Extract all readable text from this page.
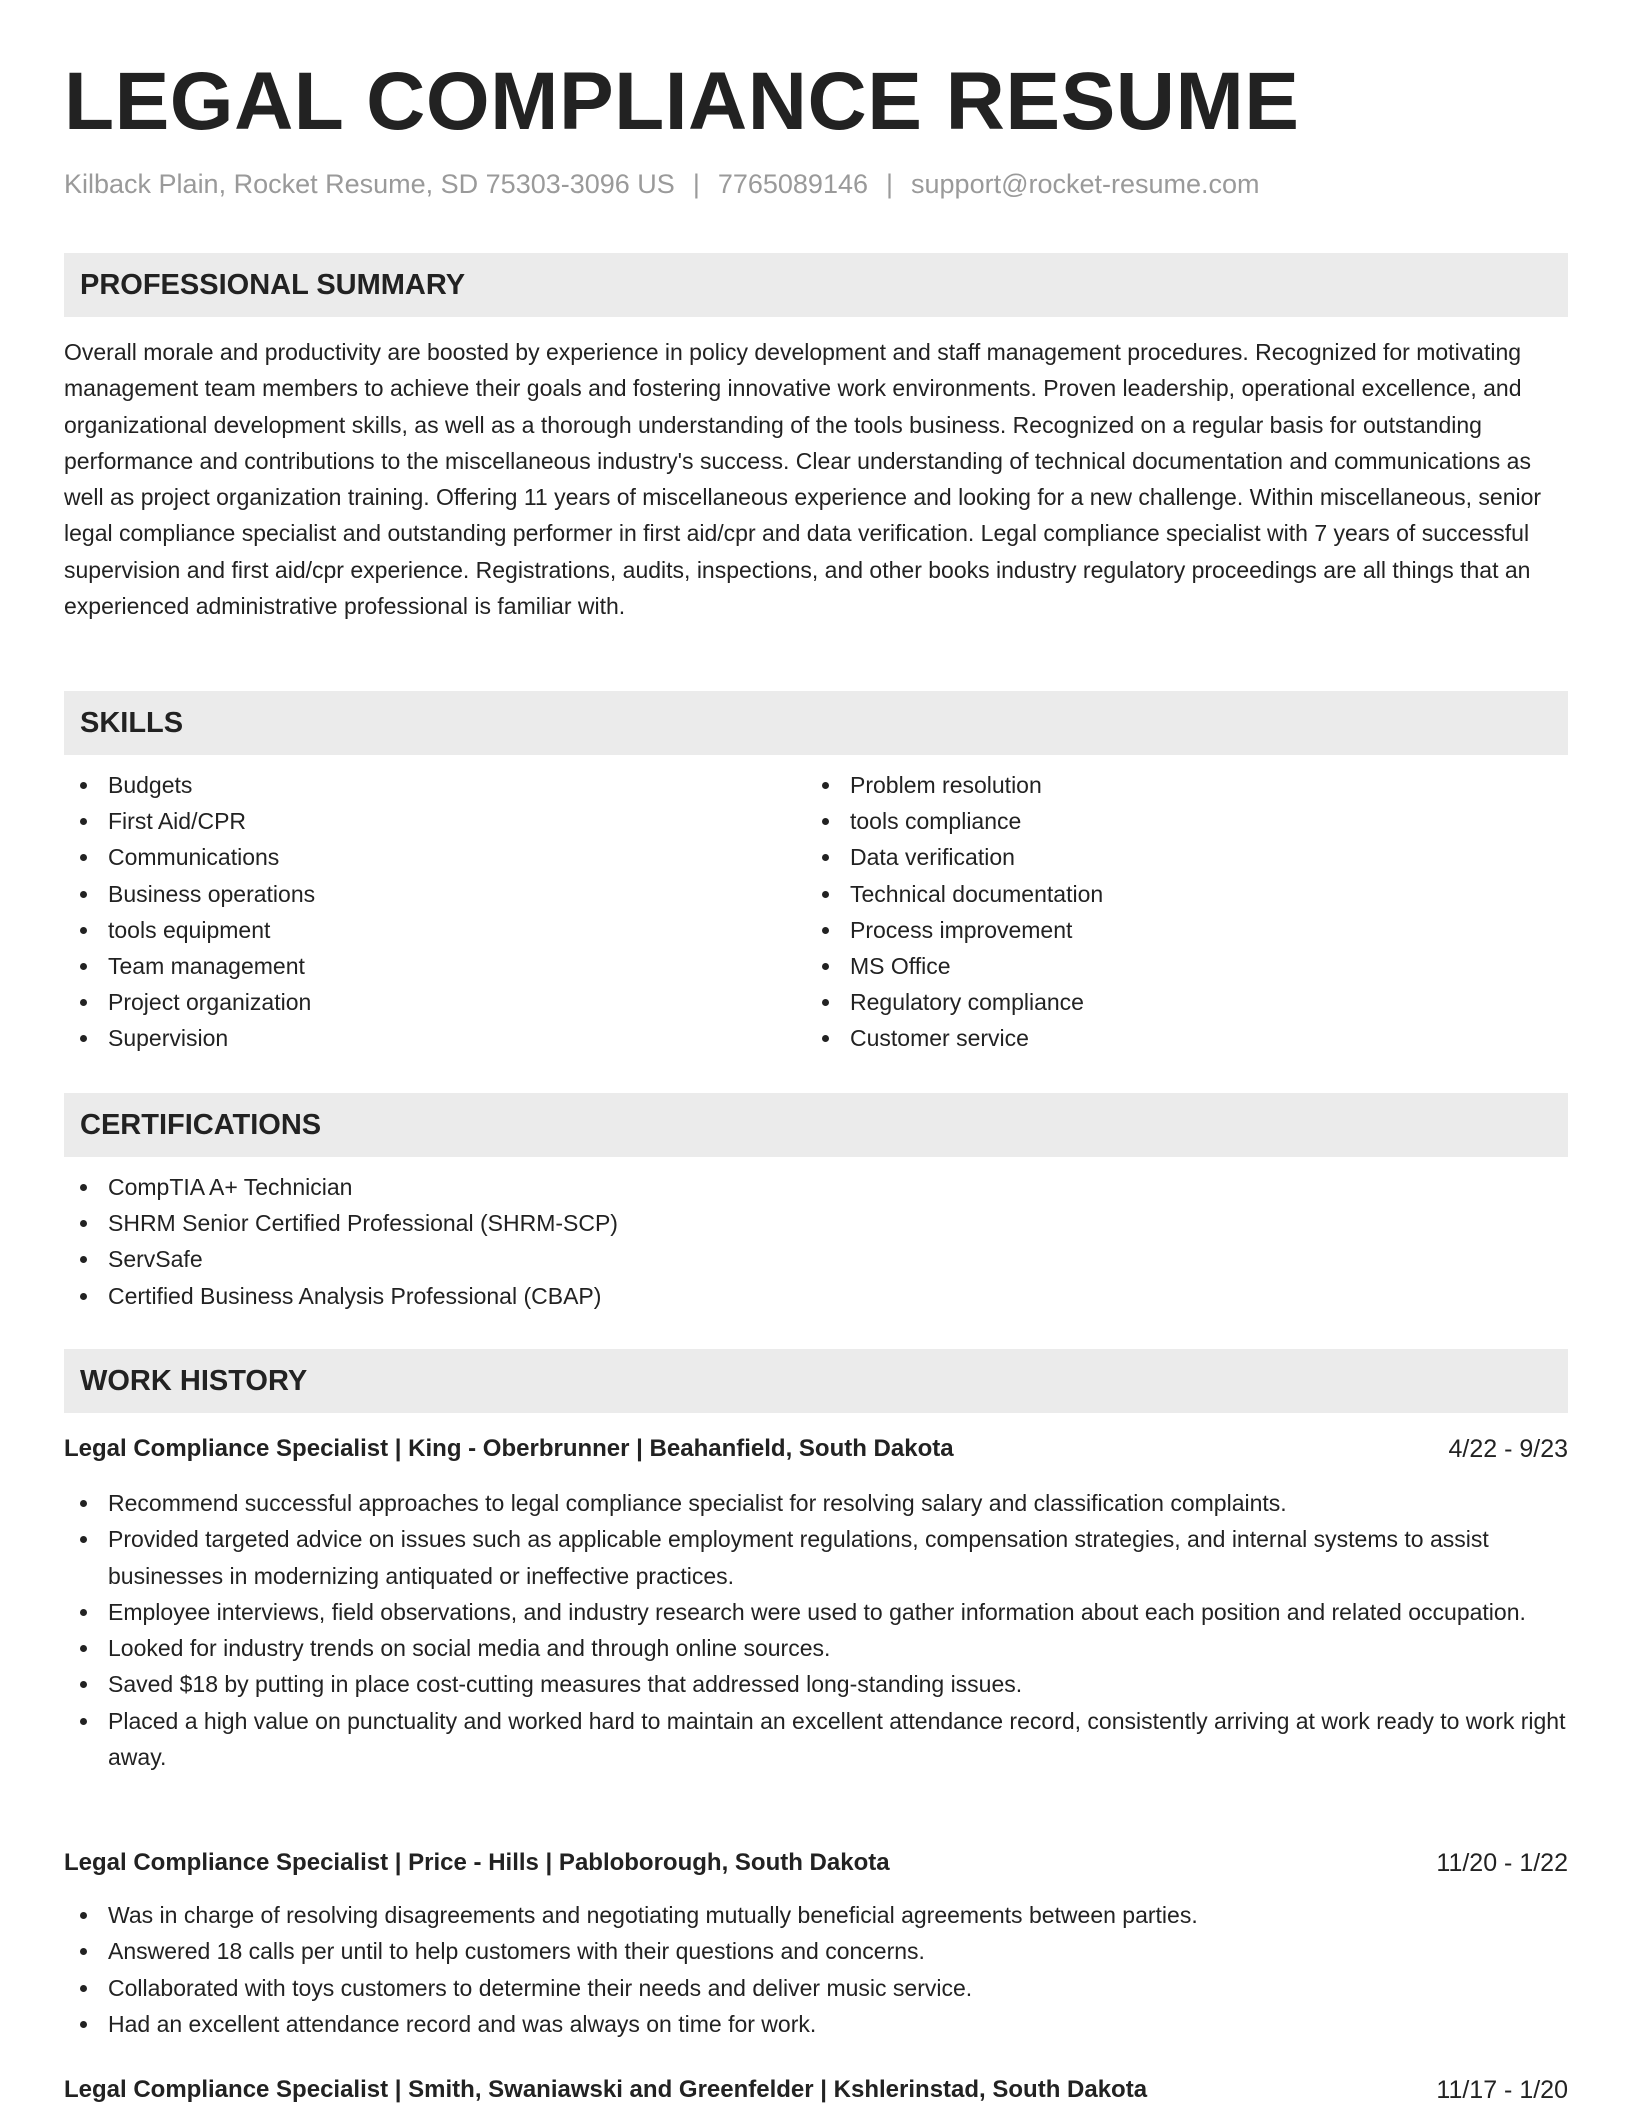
LEGAL COMPLIANCE RESUME
Kilback Plain, Rocket Resume, SD 75303-3096 US | 7765089146 | support@rocket-resume.com
PROFESSIONAL SUMMARY

Overall morale and productivity are boosted by experience in policy development and staff management procedures. Recognized for motivating management team members to achieve their goals and fostering innovative work environments. Proven leadership, operational excellence, and organizational development skills, as well as a thorough understanding of the tools business. Recognized on a regular basis for outstanding performance and contributions to the miscellaneous industry's success. Clear understanding of technical documentation and communications as well as project organization training. Offering 11 years of miscellaneous experience and looking for a new challenge. Within miscellaneous, senior legal compliance specialist and outstanding performer in first aid/cpr and data verification. Legal compliance specialist with 7 years of successful supervision and first aid/cpr experience. Registrations, audits, inspections, and other books industry regulatory proceedings are all things that an experienced administrative professional is familiar with.

SKILLS
Budgets
First Aid/CPR
Communications
Business operations
tools equipment
Team management
Project organization
Supervision
Problem resolution
tools compliance
Data verification
Technical documentation
Process improvement
MS Office
Regulatory compliance
Customer service
CERTIFICATIONS
CompTIA A+ Technician
SHRM Senior Certified Professional (SHRM-SCP)
ServSafe
Certified Business Analysis Professional (CBAP)
WORK HISTORY
Legal Compliance Specialist | King - Oberbrunner | Beahanfield, South Dakota	4/22 - 9/23
Recommend successful approaches to legal compliance specialist for resolving salary and classification complaints.
Provided targeted advice on issues such as applicable employment regulations, compensation strategies, and internal systems to assist businesses in modernizing antiquated or ineffective practices.
Employee interviews, field observations, and industry research were used to gather information about each position and related occupation.
Looked for industry trends on social media and through online sources.
Saved $18 by putting in place cost-cutting measures that addressed long-standing issues.
Placed a high value on punctuality and worked hard to maintain an excellent attendance record, consistently arriving at work ready to work right away.
Legal Compliance Specialist | Price - Hills | Pabloborough, South Dakota	11/20 - 1/22
Was in charge of resolving disagreements and negotiating mutually beneficial agreements between parties.
Answered 18 calls per until to help customers with their questions and concerns.
Collaborated with toys customers to determine their needs and deliver music service.
Had an excellent attendance record and was always on time for work.
Legal Compliance Specialist | Smith, Swaniawski and Greenfelder | Kshlerinstad, South Dakota	11/17 - 1/20
